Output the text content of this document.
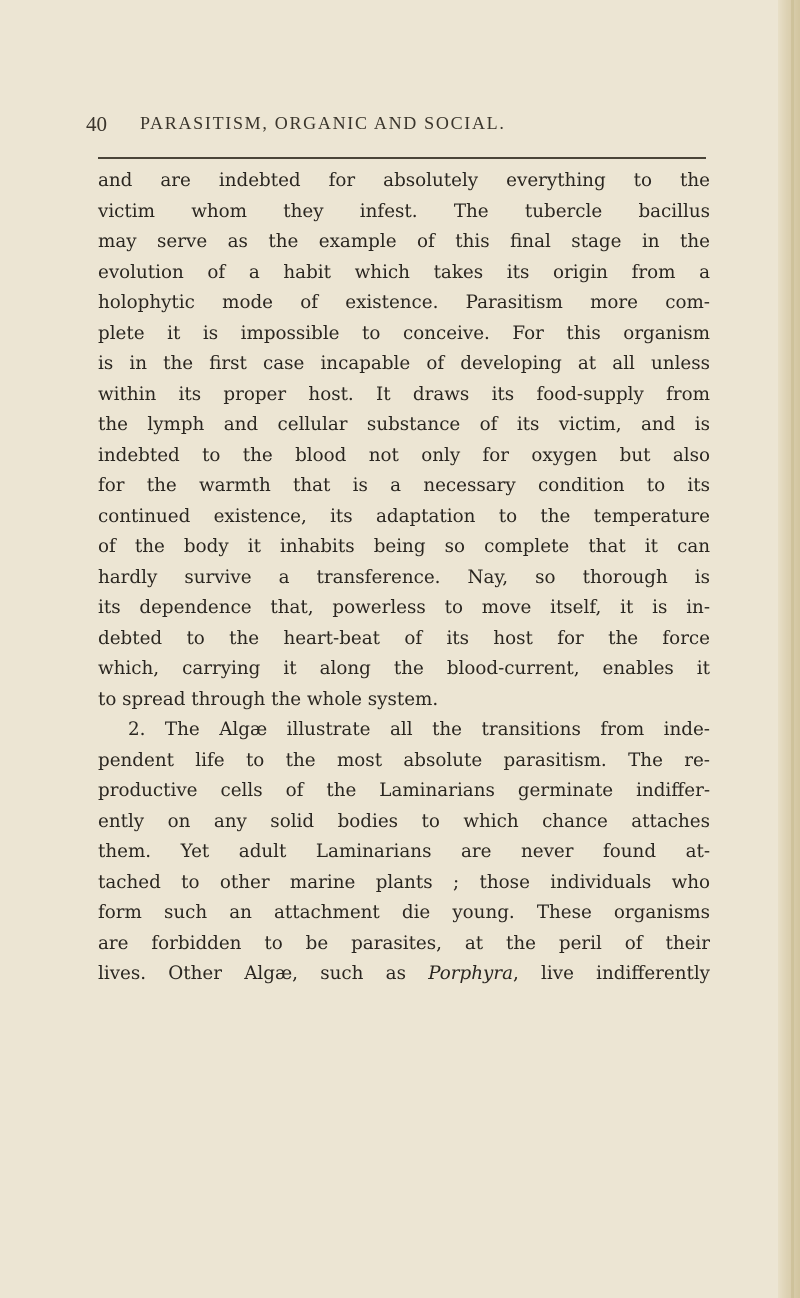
40 PARASITISM, ORGANIC AND SOCIAL.
and are indebted for absolutely everything to the
victim whom they infest. The tubercle bacillus
may serve as the example of this final stage in the
evolution of a habit which takes its origin from a
holophytic mode of existence. Parasitism more com-
plete it is impossible to conceive. For this organism
is in the first case incapable of developing at all unless
within its proper host. It draws its food-supply from
the lymph and cellular substance of its victim, and is
indebted to the blood not only for oxygen but also
for the warmth that is a necessary condition to its
continued existence, its adaptation to the temperature
of the body it inhabits being so complete that it can
hardly survive a transference. Nay, so thorough is
its dependence that, powerless to move itself, it is in-
debted to the heart-beat of its host for the force
which, carrying it along the blood-current, enables it
to spread through the whole system.
2. The Algæ illustrate all the transitions from inde-
pendent life to the most absolute parasitism. The re-
productive cells of the Laminarians germinate indiffer-
ently on any solid bodies to which chance attaches
them. Yet adult Laminarians are never found at-
tached to other marine plants ; those individuals who
form such an attachment die young. These organisms
are forbidden to be parasites, at the peril of their
lives. Other Algæ, such as Porphyra, live indifferently
